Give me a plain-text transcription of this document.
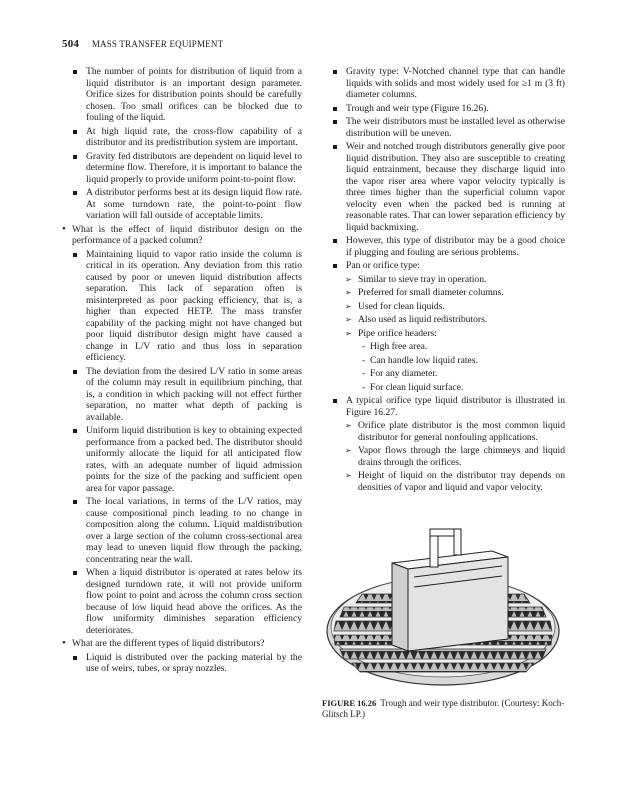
504 MASS TRANSFER EQUIPMENT
The number of points for distribution of liquid from a liquid distributor is an important design parameter. Orifice sizes for distribution points should be carefully chosen. Too small orifices can be blocked due to fouling of the liquid.
At high liquid rate, the cross-flow capability of a distributor and its predistribution system are important.
Gravity fed distributors are dependent on liquid level to determine flow. Therefore, it is important to balance the liquid properly to provide uniform point-to-point flow.
A distributor performs best at its design liquid flow rate. At some turndown rate, the point-to-point flow variation will fall outside of acceptable limits.
• What is the effect of liquid distributor design on the performance of a packed column?
Maintaining liquid to vapor ratio inside the column is critical in its operation. Any deviation from this ratio caused by poor or uneven liquid distribution affects separation. This lack of separation often is misinterpreted as poor packing efficiency, that is, a higher than expected HETP. The mass transfer capability of the packing might not have changed but poor liquid distributor design might have caused a change in L/V ratio and thus loss in separation efficiency.
The deviation from the desired L/V ratio in some areas of the column may result in equilibrium pinching, that is, a condition in which packing will not effect further separation, no matter what depth of packing is available.
Uniform liquid distribution is key to obtaining expected performance from a packed bed. The distributor should uniformly allocate the liquid for all anticipated flow rates, with an adequate number of liquid admission points for the size of the packing and sufficient open area for vapor passage.
The local variations, in terms of the L/V ratios, may cause compositional pinch leading to no change in composition along the column. Liquid maldistribution over a large section of the column cross-sectional area may lead to uneven liquid flow through the packing, concentrating near the wall.
When a liquid distributor is operated at rates below its designed turndown rate, it will not provide uniform flow point to point and across the column cross section because of low liquid head above the orifices. As the flow uniformity diminishes separation efficiency deteriorates.
• What are the different types of liquid distributors?
Liquid is distributed over the packing material by the use of weirs, tubes, or spray nozzles.
Gravity type: V-Notched channel type that can handle liquids with solids and most widely used for ≥1 m (3 ft) diameter columns.
Trough and weir type (Figure 16.26).
The weir distributors must be installed level as otherwise distribution will be uneven.
Weir and notched trough distributors generally give poor liquid distribution. They also are susceptible to creating liquid entrainment, because they discharge liquid into the vapor riser area where vapor velocity typically is three times higher than the superficial column vapor velocity even when the packed bed is running at reasonable rates. That can lower separation efficiency by liquid backmixing.
However, this type of distributor may be a good choice if plugging and fouling are serious problems.
Pan or orifice type:
➢ Similar to sieve tray in operation.
➢ Preferred for small diameter columns.
➢ Used for clean liquids.
➢ Also used as liquid redistributors.
➢ Pipe orifice headers:
- High free area.
- Can handle low liquid rates.
- For any diameter.
- For clean liquid surface.
A typical orifice type liquid distributor is illustrated in Figure 16.27.
➢ Orifice plate distributor is the most common liquid distributor for general nonfouling applications.
➢ Vapor flows through the large chimneys and liquid drains through the orifices.
➢ Height of liquid on the distributor tray depends on densities of vapor and liquid and vapor velocity.
FIGURE 16.26 Trough and weir type distributor. (Courtesy: Koch-Glitsch LP.)
